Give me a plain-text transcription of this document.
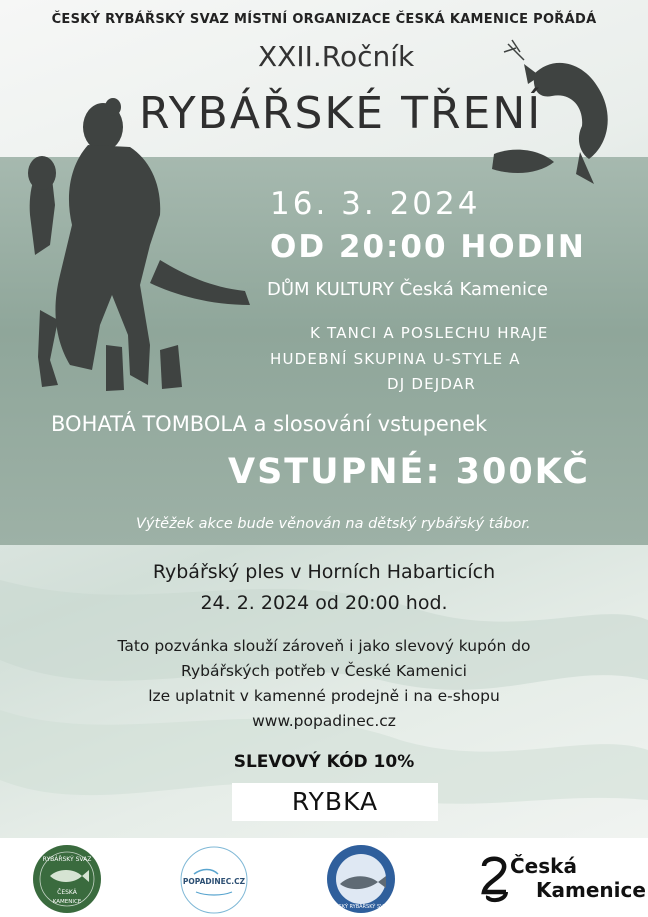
ČESKÝ RYBÁŘSKÝ SVAZ MÍSTNÍ ORGANIZACE ČESKÁ KAMENICE POŘÁDÁ
XXII.Ročník
RYBÁŘSKÉ TŘENÍ
16. 3. 2024
OD 20:00 HODIN
DŮM KULTURY Česká Kamenice
K TANCI A POSLECHU HRAJE
HUDEBNÍ SKUPINA U-STYLE A
DJ DEJDAR
BOHATÁ TOMBOLA a slosování vstupenek
VSTUPNÉ: 300KČ
Výtěžek akce bude věnován na dětský rybářský tábor.
Rybářský ples v Horních Habarticích
24. 2. 2024 od 20:00 hod.
Tato pozvánka slouží zároveň i jako slevový kupón do
Rybářských potřeb v České Kamenici
lze uplatnit v kamenné prodejně i na e-shopu
www.popadinec.cz
SLEVOVÝ KÓD 10%
RYBKA
RYBÁŘSKÝ SVAZ
ČESKÁ
KAMENICE
POPADINEC.CZ
ČESKÝ RYBÁŘSKÝ SVAZ
Česká
Kamenice
